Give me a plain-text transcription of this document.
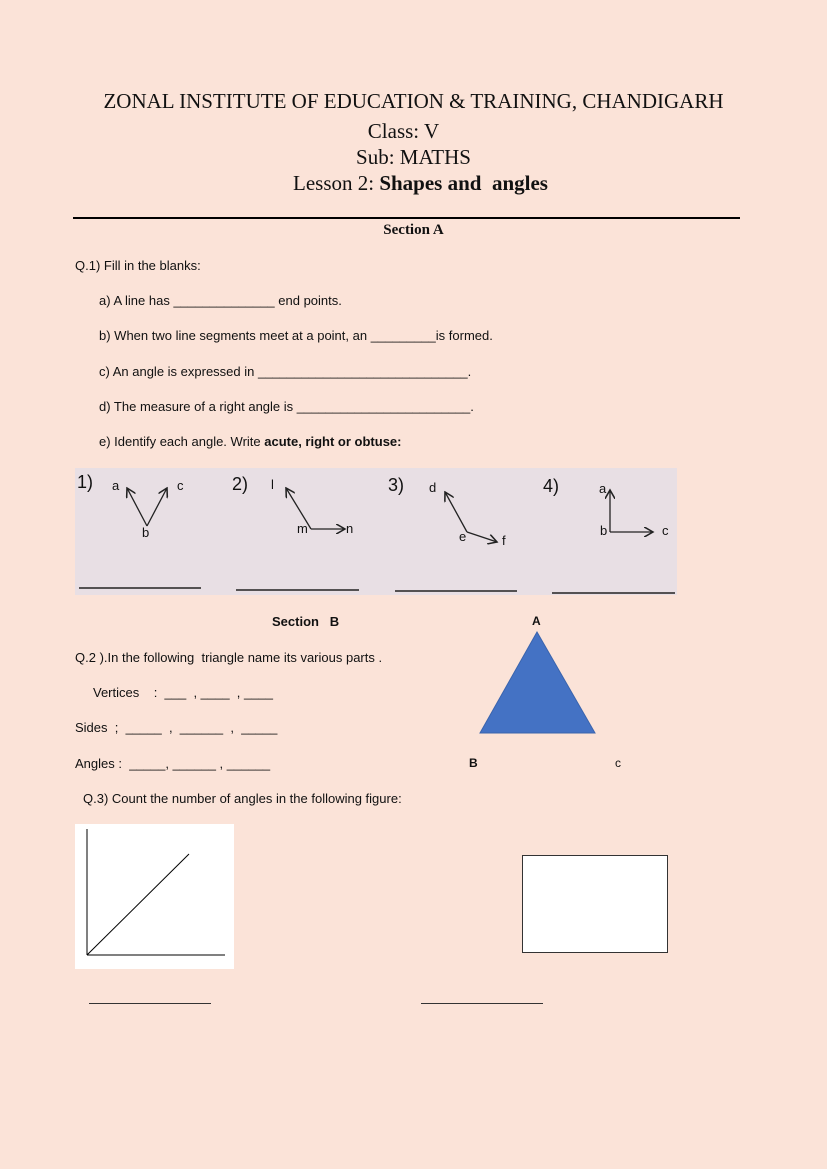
ZONAL INSTITUTE OF EDUCATION & TRAINING, CHANDIGARH
Class: V
Sub: MATHS
Lesson 2: Shapes and  angles
Section A
Q.1) Fill in the blanks:
a) A line has ______________ end points.
b) When two line segments meet at a point, an _________is formed.
c) An angle is expressed in _____________________________.
d) The measure of a right angle is ________________________.
e) Identify each angle. Write acute, right or obtuse:

1)

a

b

c

	2)

l

m

	n

3)

d

e

	f

4)

	a

b

	c

Section   B
Q.2 ).In the following  triangle name its various parts .
Vertices    :  ___  , ____  , ____
Sides  ;  _____  ,  ______  ,  _____
Angles :  _____, ______ , ______
A
B	c
Q.3) Count the number of angles in the following figure:
